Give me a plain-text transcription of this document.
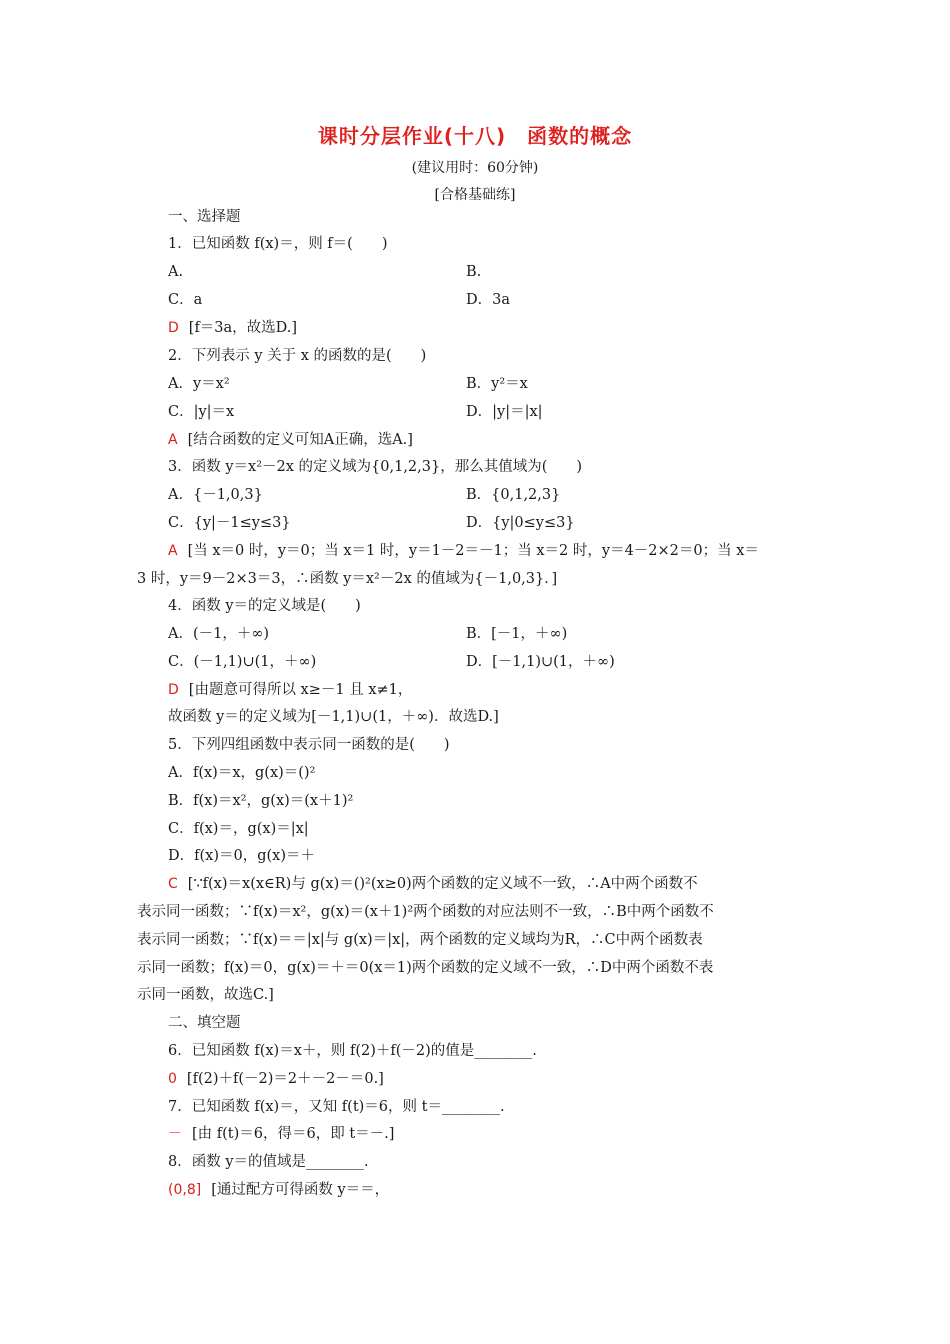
课时分层作业(十八)　函数的概念
(建议用时：60分钟)
[合格基础练]
一、选择题
1．已知函数 f(x)＝，则 f＝(　　)
A.	B.
C．a	D．3a
D [f＝3a，故选D.]
2．下列表示 y 关于 x 的函数的是(　　)
A．y＝x²	B．y²＝x
C．|y|＝x	D．|y|＝|x|
A [结合函数的定义可知A正确，选A.]
3．函数 y＝x²－2x 的定义域为{0,1,2,3}，那么其值域为(　　)
A．{－1,0,3}	B．{0,1,2,3}
C．{y|－1≤y≤3}	D．{y|0≤y≤3}
A [当 x＝0 时，y＝0；当 x＝1 时，y＝1－2＝－1；当 x＝2 时，y＝4－2×2＝0；当 x＝
3 时，y＝9－2×3＝3，∴函数 y＝x²－2x 的值域为{－1,0,3}．]
4．函数 y＝的定义域是(　　)
A．(－1，＋∞)	B．[－1，＋∞)
C．(－1,1)∪(1，＋∞)	D．[－1,1)∪(1，＋∞)
D [由题意可得所以 x≥－1 且 x≠1，
故函数 y＝的定义域为[－1,1)∪(1，＋∞)．故选D.]
5．下列四组函数中表示同一函数的是(　　)
A．f(x)＝x，g(x)＝()²
B．f(x)＝x²，g(x)＝(x＋1)²
C．f(x)＝，g(x)＝|x|
D．f(x)＝0，g(x)＝＋
C [∵f(x)＝x(x∈R)与 g(x)＝()²(x≥0)两个函数的定义域不一致，∴A中两个函数不
表示同一函数；∵f(x)＝x²，g(x)＝(x＋1)²两个函数的对应法则不一致，∴B中两个函数不
表示同一函数；∵f(x)＝＝|x|与 g(x)＝|x|，两个函数的定义域均为R，∴C中两个函数表
示同一函数；f(x)＝0，g(x)＝＋＝0(x＝1)两个函数的定义域不一致，∴D中两个函数不表
示同一函数，故选C.]
二、填空题
6．已知函数 f(x)＝x＋，则 f(2)＋f(－2)的值是________.
0 [f(2)＋f(－2)＝2＋－2－＝0.]
7．已知函数 f(x)＝，又知 f(t)＝6，则 t＝________.
－ [由 f(t)＝6，得＝6，即 t＝－.]
8．函数 y＝的值域是________.
(0,8] [通过配方可得函数 y＝＝，
